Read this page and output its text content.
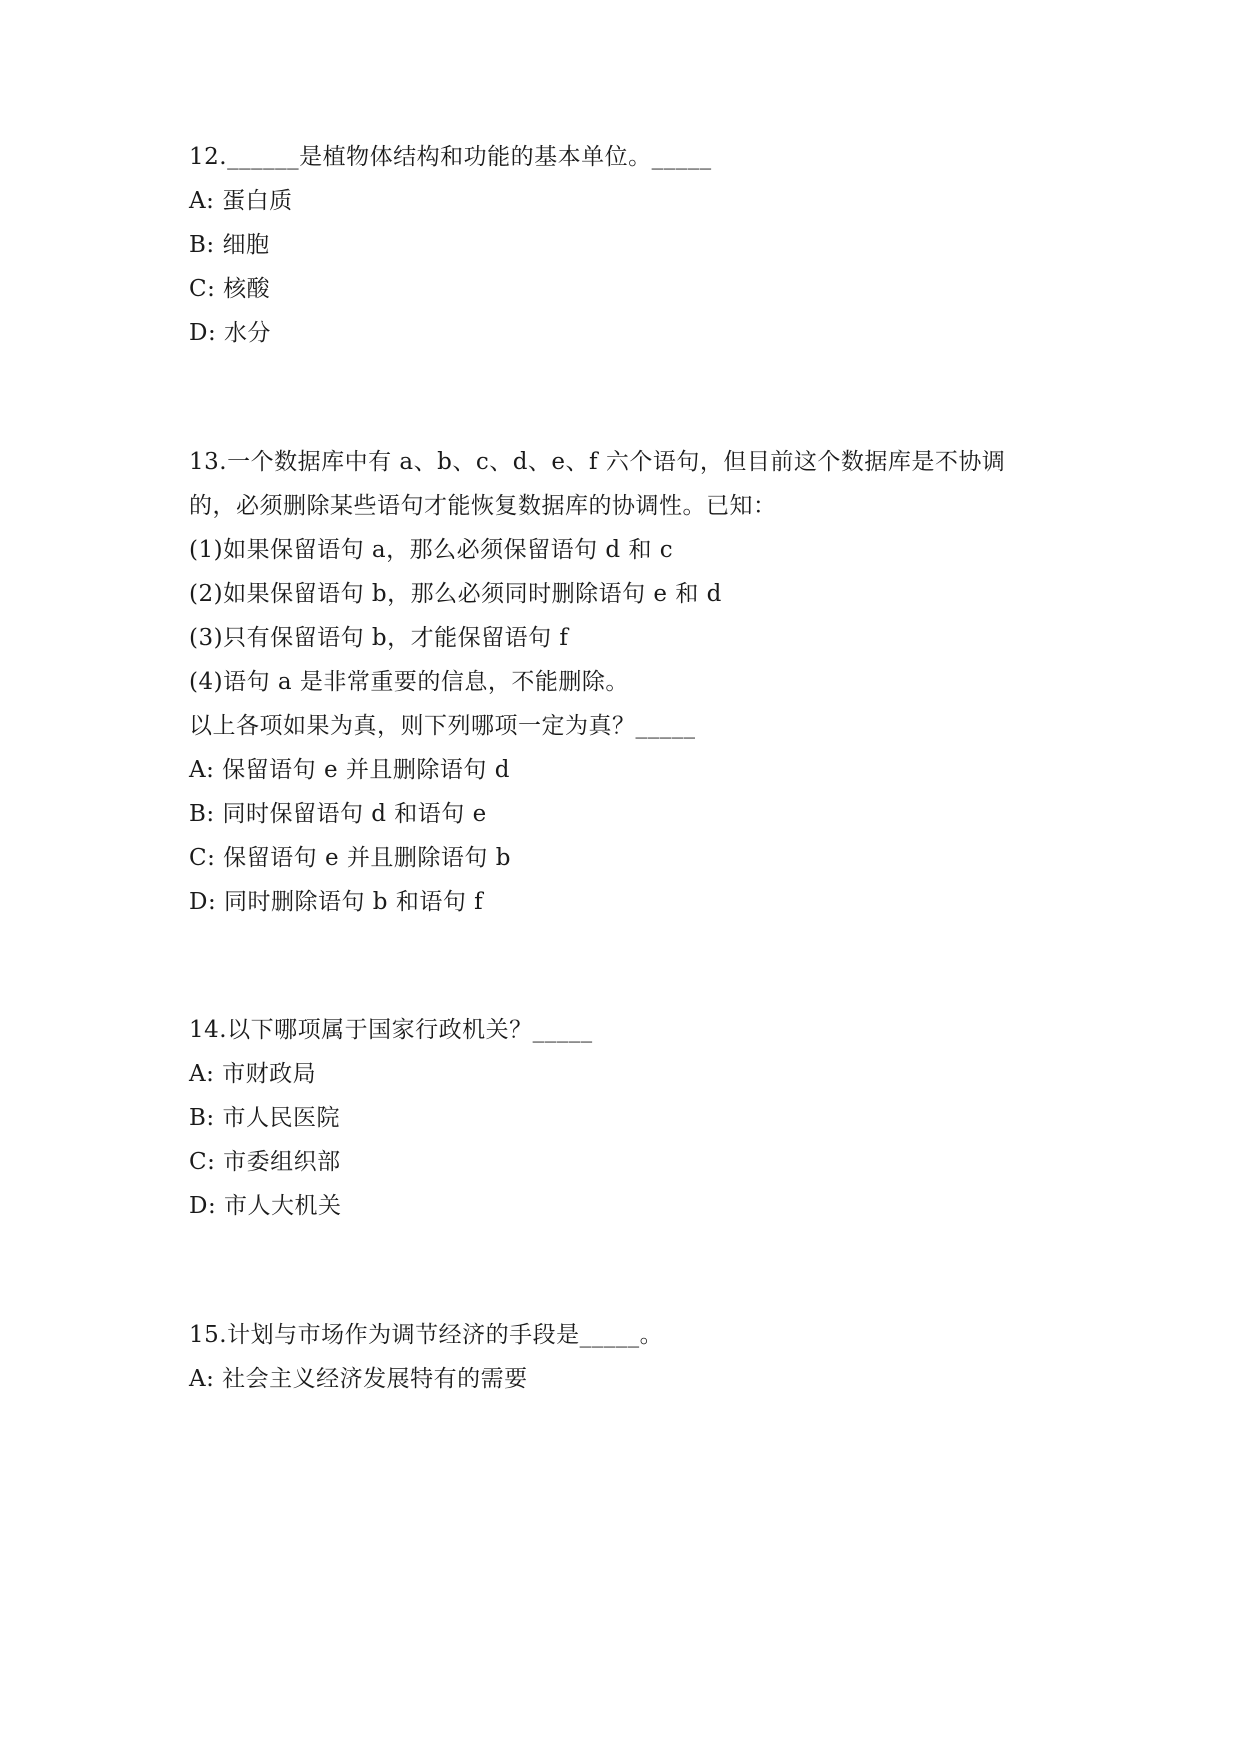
12.______是植物体结构和功能的基本单位。_____
A: 蛋白质
B: 细胞
C: 核酸
D: 水分
13.一个数据库中有 a、b、c、d、e、f 六个语句，但目前这个数据库是不协调
的，必须删除某些语句才能恢复数据库的协调性。已知：
(1)如果保留语句 a，那么必须保留语句 d 和 c
(2)如果保留语句 b，那么必须同时删除语句 e 和 d
(3)只有保留语句 b，才能保留语句 f
(4)语句 a 是非常重要的信息，不能删除。
以上各项如果为真，则下列哪项一定为真？_____
A: 保留语句 e 并且删除语句 d
B: 同时保留语句 d 和语句 e
C: 保留语句 e 并且删除语句 b
D: 同时删除语句 b 和语句 f
14.以下哪项属于国家行政机关？_____
A: 市财政局
B: 市人民医院
C: 市委组织部
D: 市人大机关
15.计划与市场作为调节经济的手段是_____。
A: 社会主义经济发展特有的需要
